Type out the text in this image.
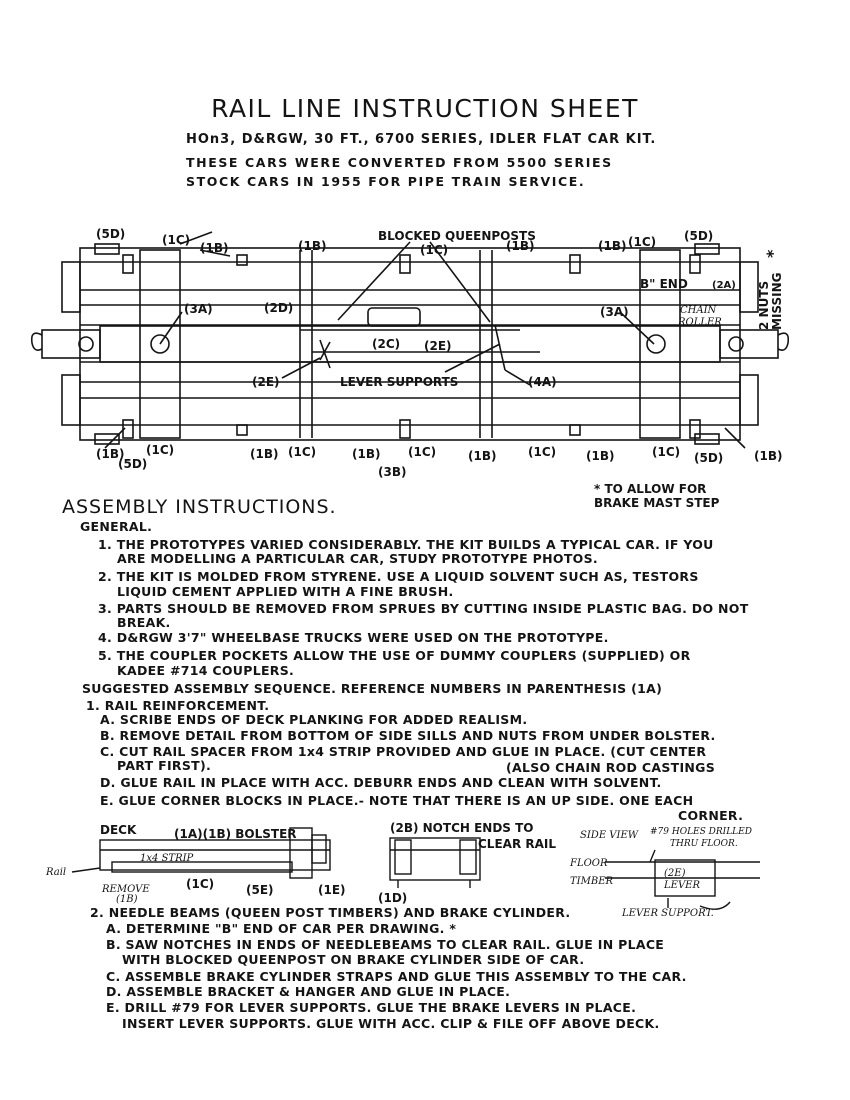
RAIL LINE INSTRUCTION SHEET
HOn3, D&RGW, 30 FT., 6700 SERIES, IDLER FLAT CAR KIT.
THESE CARS WERE CONVERTED FROM 5500 SERIES
STOCK CARS IN 1955 FOR PIPE TRAIN SERVICE.
(5D)	(1C)
(1B)	(1B)
BLOCKED QUEENPOSTS
(1C)	(1B)	(1B) (1C) (5D)
B" END (2A)
CHAIN
ROLLER
(3A)	(2D)	(3A)
(2C) (2E)
(2E)	LEVER SUPPORTS	(4A)
(1B)
(5D)
(1C)	(1B) (1C)	(1B)
(3B)
(1C)	(1B)	(1C) (1B)	(1C) (5D)	(1B)
2 NUTS MISSING
*
DECK	(1A)(1B) BOLSTER
1x4 STRIP
Rail
REMOVE
(1B)
(1C)	(5E)	(1E)
(1D)
(2B) NOTCH ENDS TO
CLEAR RAIL
SIDE VIEW #79 HOLES DRILLED
THRU FLOOR.
FLOOR
TIMBER
(2E)
LEVER
LEVER SUPPORT.
* TO ALLOW FOR
BRAKE MAST STEP
ASSEMBLY INSTRUCTIONS.
GENERAL.
1. THE PROTOTYPES VARIED CONSIDERABLY. THE KIT BUILDS A TYPICAL CAR. IF YOU
ARE MODELLING A PARTICULAR CAR, STUDY PROTOTYPE PHOTOS.
2. THE KIT IS MOLDED FROM STYRENE. USE A LIQUID SOLVENT SUCH AS, TESTORS
LIQUID CEMENT APPLIED WITH A FINE BRUSH.
3. PARTS SHOULD BE REMOVED FROM SPRUES BY CUTTING INSIDE PLASTIC BAG. DO NOT
BREAK.
4. D&RGW 3'7" WHEELBASE TRUCKS WERE USED ON THE PROTOTYPE.
5. THE COUPLER POCKETS ALLOW THE USE OF DUMMY COUPLERS (SUPPLIED) OR
KADEE #714 COUPLERS.
SUGGESTED ASSEMBLY SEQUENCE. REFERENCE NUMBERS IN PARENTHESIS (1A)
1. RAIL REINFORCEMENT.
A. SCRIBE ENDS OF DECK PLANKING FOR ADDED REALISM.
B. REMOVE DETAIL FROM BOTTOM OF SIDE SILLS AND NUTS FROM UNDER BOLSTER.
C. CUT RAIL SPACER FROM 1x4 STRIP PROVIDED AND GLUE IN PLACE. (CUT CENTER
PART FIRST).	(ALSO CHAIN ROD CASTINGS
D. GLUE RAIL IN PLACE WITH ACC. DEBURR ENDS AND CLEAN WITH SOLVENT.
E. GLUE CORNER BLOCKS IN PLACE.- NOTE THAT THERE IS AN UP SIDE. ONE EACH
CORNER.
2. NEEDLE BEAMS (QUEEN POST TIMBERS) AND BRAKE CYLINDER.
A. DETERMINE "B" END OF CAR PER DRAWING. *
B. SAW NOTCHES IN ENDS OF NEEDLEBEAMS TO CLEAR RAIL. GLUE IN PLACE
WITH BLOCKED QUEENPOST ON BRAKE CYLINDER SIDE OF CAR.
C. ASSEMBLE BRAKE CYLINDER STRAPS AND GLUE THIS ASSEMBLY TO THE CAR.
D. ASSEMBLE BRACKET & HANGER AND GLUE IN PLACE.
E. DRILL #79 FOR LEVER SUPPORTS. GLUE THE BRAKE LEVERS IN PLACE.
INSERT LEVER SUPPORTS. GLUE WITH ACC. CLIP & FILE OFF ABOVE DECK.
